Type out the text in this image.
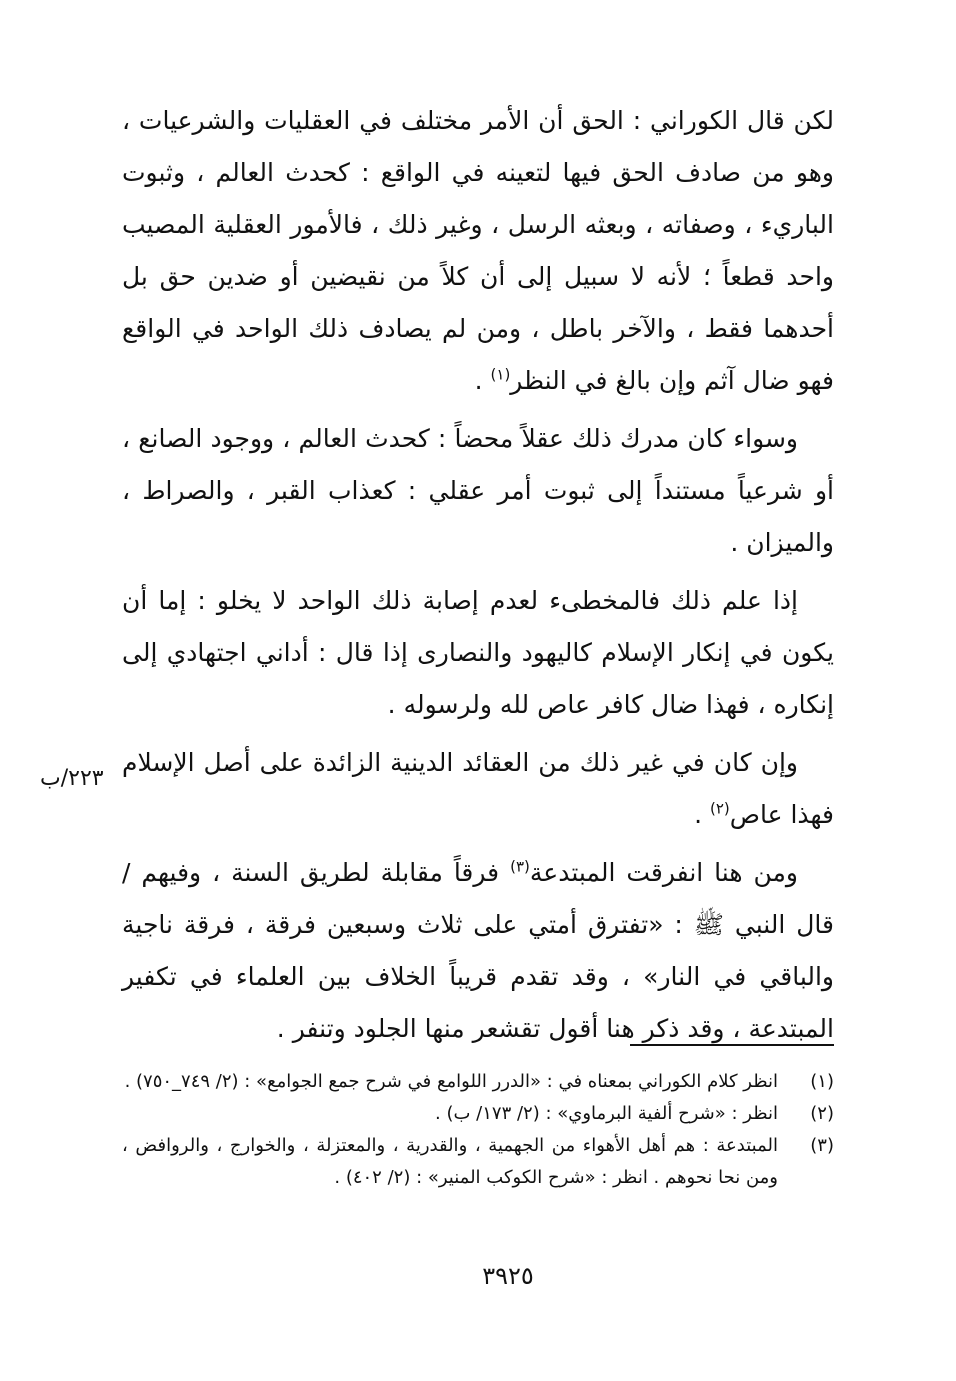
لكن قال الكوراني : الحق أن الأمر مختلف في العقليات والشرعيات ، وهو من صادف الحق فيها لتعينه في الواقع : كحدث العالم ، وثبوت الباريء ، وصفاته ، وبعثه الرسل ، وغير ذلك ، فالأمور العقلية المصيب واحد قطعاً ؛ لأنه لا سبيل إلى أن كلاً من نقيضين أو ضدين حق بل أحدهما فقط ، والآخر باطل ، ومن لم يصادف ذلك الواحد في الواقع فهو ضال آثم وإن بالغ في النظر$^{(١)}$ .

وسواء كان مدرك ذلك عقلاً محضاً : كحدث العالم ، ووجود الصانع ، أو شرعياً مستنداً إلى ثبوت أمر عقلي : كعذاب القبر ، والصراط ، والميزان .

إذا علم ذلك فالمخطىء لعدم إصابة ذلك الواحد لا يخلو : إما أن يكون في إنكار الإسلام كاليهود والنصارى إذا قال : أداني اجتهادي إلى إنكاره ، فهذا ضال كافر عاص لله ولرسوله .

وإن كان في غير ذلك من العقائد الدينية الزائدة على أصل الإسلام فهذا عاص$^{(٢)}$ .

ومن هنا انفرقت المبتدعة$^{(٣)}$ فرقاً مقابلة لطريق السنة ، وفيهم / قال النبي ﷺ : «تفترق أمتي على ثلاث وسبعين فرقة ، فرقة ناجية والباقي في النار» ، وقد تقدم قريباً الخلاف بين العلماء في تكفير المبتدعة ، وقد ذكر هنا أقول تقشعر منها الجلود وتنفر .

٢٢٣/ب
(١)
انظر كلام الكوراني بمعناه في : «الدرر اللوامع في شرح جمع الجوامع» : (٢/ ٧٤٩_٧٥٠) .
(٢)
انظر : «شرح ألفية البرماوي» : (٢/ ١٧٣/ ب) .
(٣)
المبتدعة : هم أهل الأهواء من الجهمية ، والقدرية ، والمعتزلة ، والخوارج ، والروافض ، ومن نحا نحوهم . انظر : «شرح الكوكب المنير» : (٢/ ٤٠٢) .
٣٩٢٥
